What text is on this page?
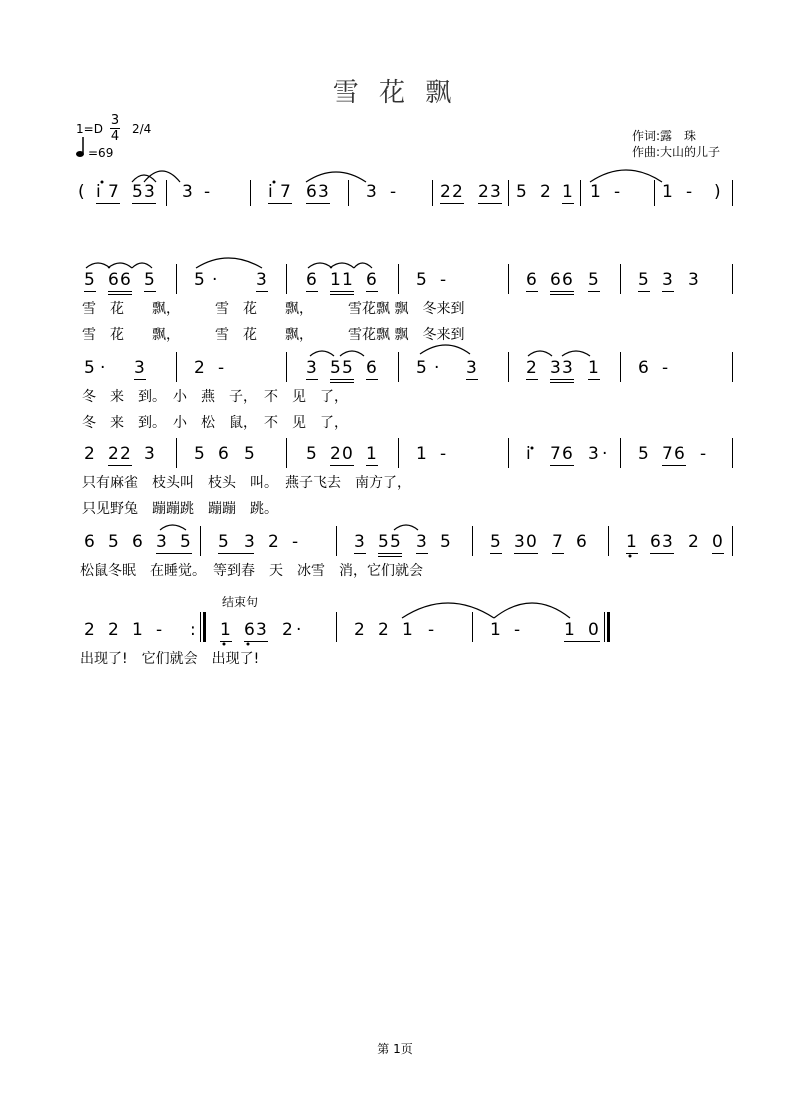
雪 花 飘
1=D
3
4 2/4
=69
作词:露　珠
作曲:大山的儿子
( i 7 5 3 3 -	i 7 6 3 3 -	2 2 2 3 5 2 1 1 - 1 - )
5 6 6 5 5 · 3 6 1 1 6 5 -	6 6 6 5 5 3 3
雪　花　　飘，　　　雪　花　　飘，　　　雪花飘 飘　冬来到
雪　花　　飘，　　　雪　花　　飘，　　　雪花飘 飘　冬来到
5 · 3	2 -	3 5 5 6 5 · 3	2 3 3 1 6 -
冬　来　到。　小　燕　子，　不　见　了，
冬　来　到。　小　松　鼠，　不　见　了，
2 2 2 3 5 6 5	5 2 0 1 1 -	i 7 6 3 · 5 7 6 -
只有麻雀　枝头叫　枝头　叫。　燕子飞去　南方了，
只见野兔　蹦蹦跳　蹦蹦　跳。
6 5 6 3 5 5 3 2 -	3 5 5 3 5 5 3 0 7 6 1 6 3 2 0
松鼠冬眠　在睡觉。　等到春　天　冰雪　消，它们就会
结束句
2 2 1 - : 1 6 3 2 ·	2 2 1 -	1 -	1 0
出现了!　它们就会　出现了!
第 1页
